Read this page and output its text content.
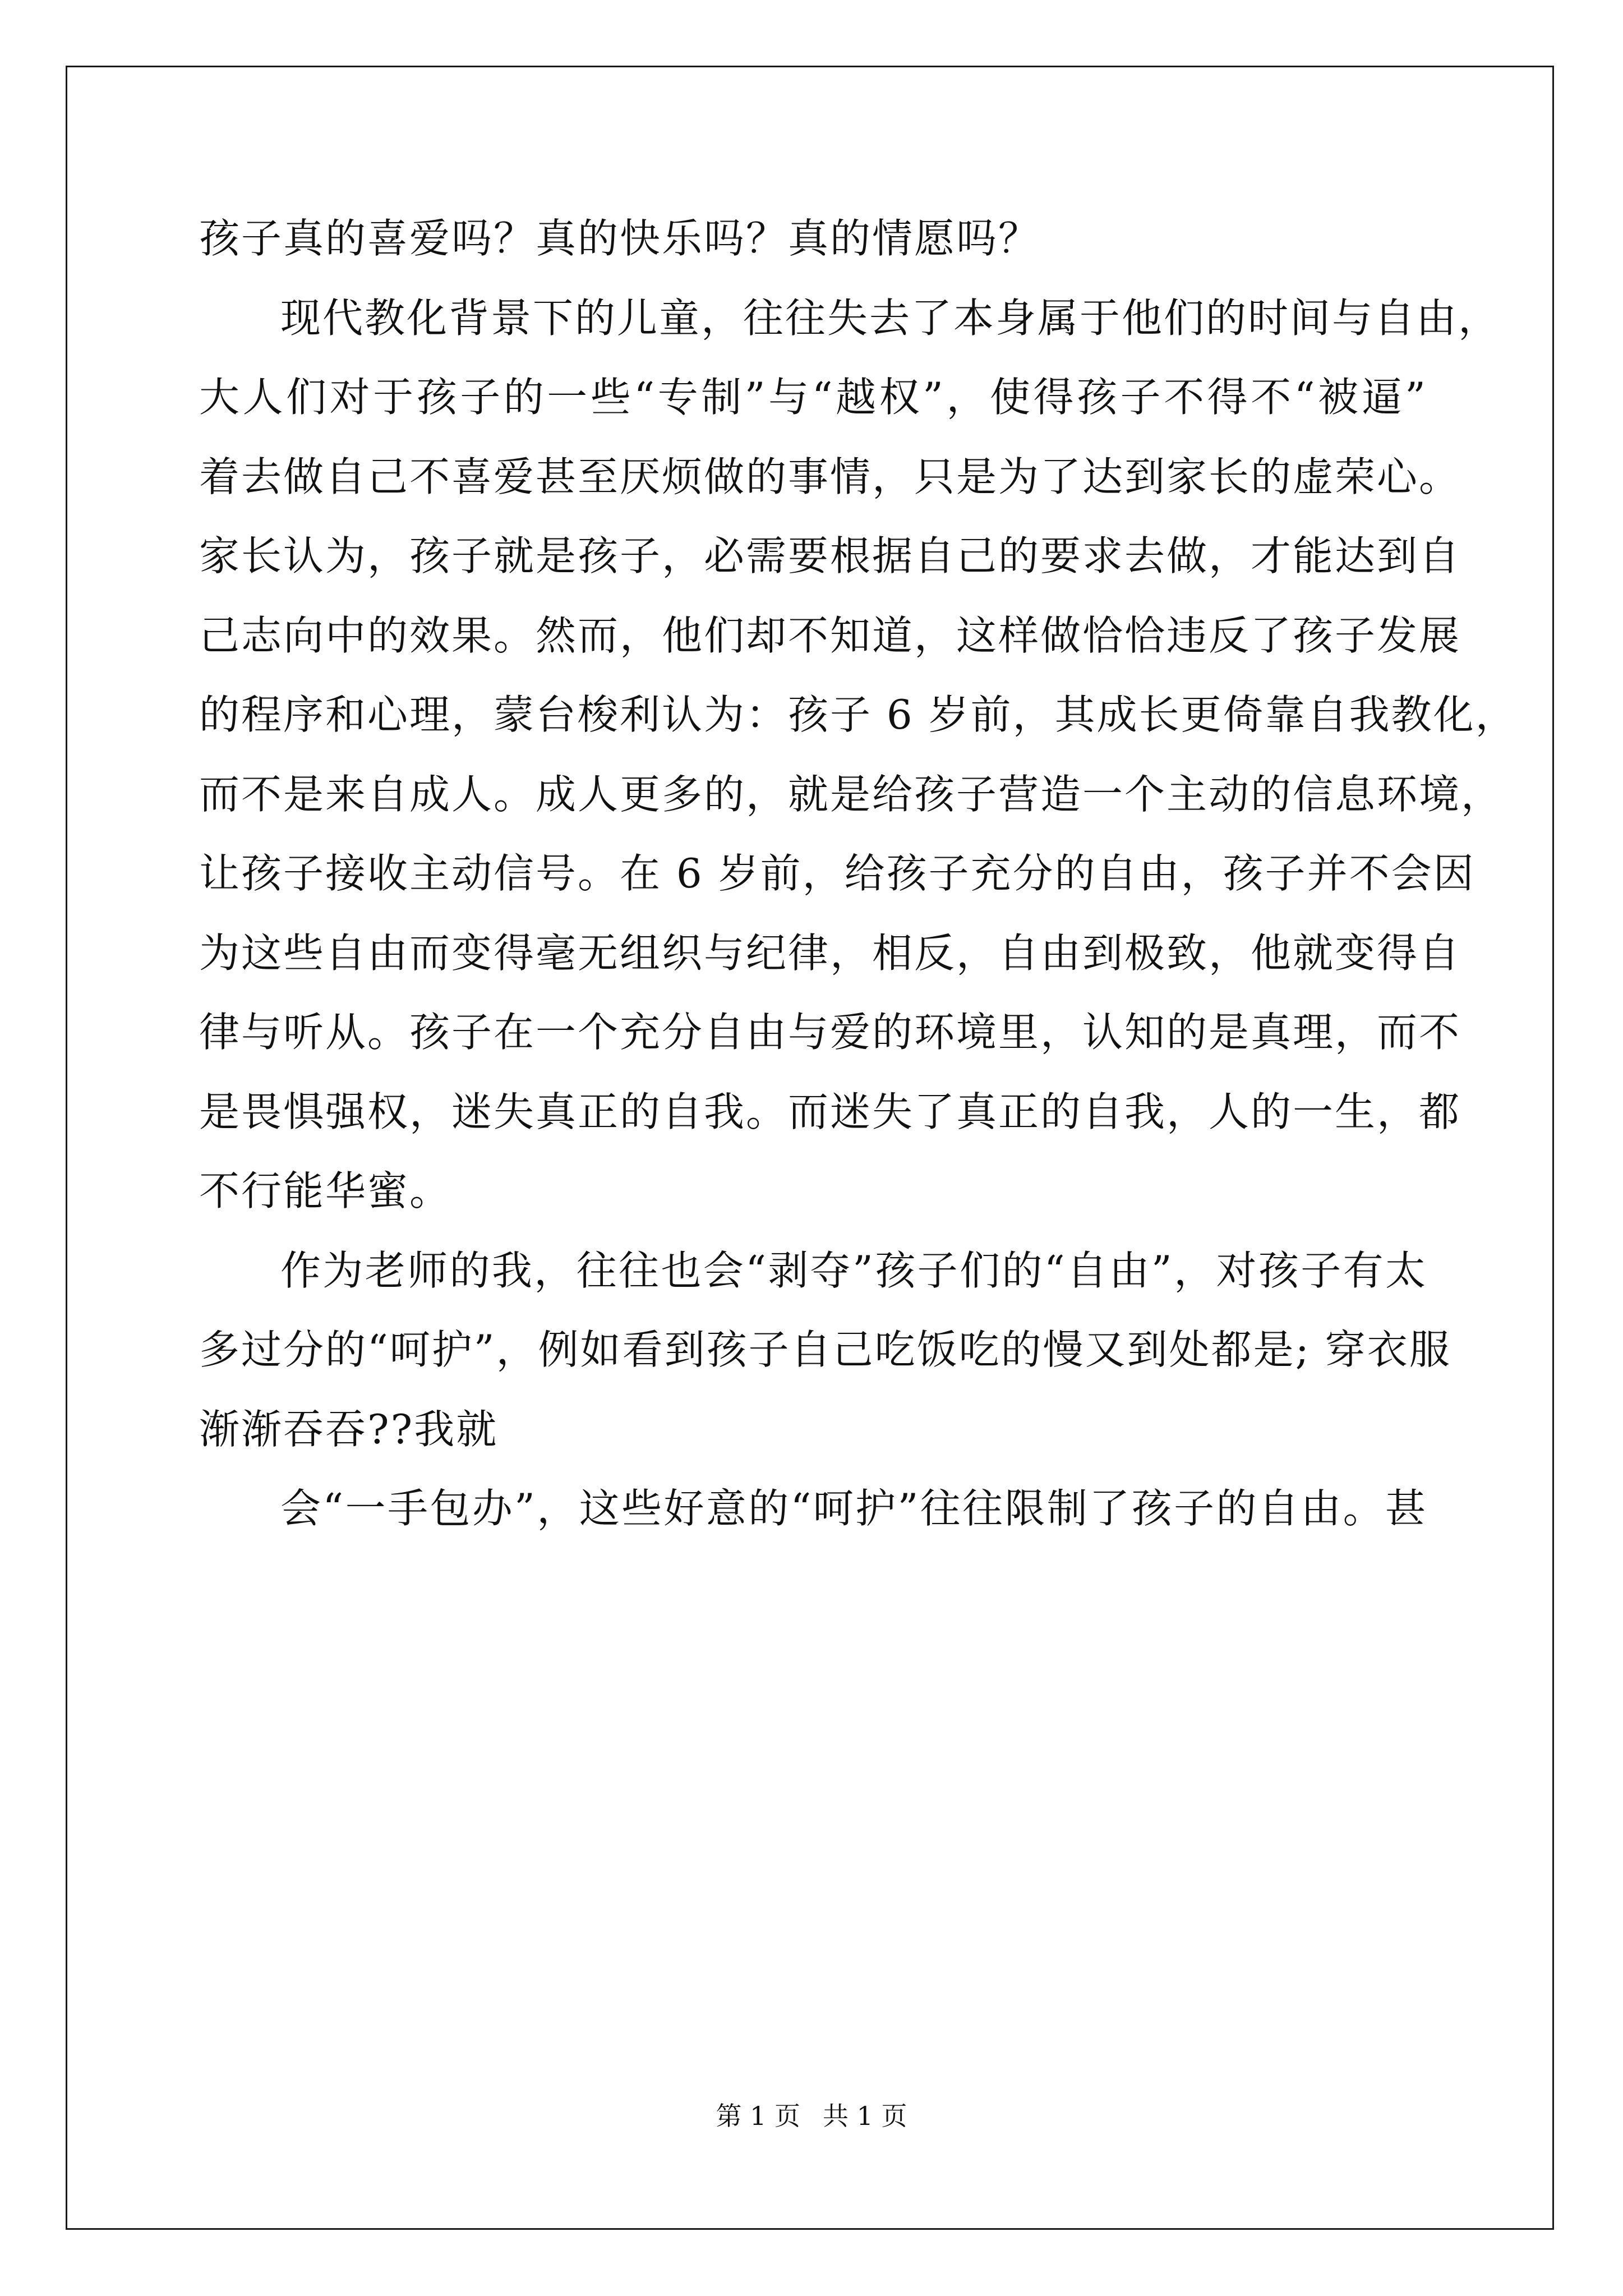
孩子真的喜爱吗？真的快乐吗？真的情愿吗？
现代教化背景下的儿童，往往失去了本身属于他们的时间与自由，
大人们对于孩子的一些“专制”与“越权”，使得孩子不得不“被逼”
着去做自己不喜爱甚至厌烦做的事情，只是为了达到家长的虚荣心。
家长认为，孩子就是孩子，必需要根据自己的要求去做，才能达到自
己志向中的效果。然而，他们却不知道，这样做恰恰违反了孩子发展
的程序和心理，蒙台梭利认为：孩子 6 岁前，其成长更倚靠自我教化，
而不是来自成人。成人更多的，就是给孩子营造一个主动的信息环境，
让孩子接收主动信号。在 6 岁前，给孩子充分的自由，孩子并不会因
为这些自由而变得毫无组织与纪律，相反，自由到极致，他就变得自
律与听从。孩子在一个充分自由与爱的环境里，认知的是真理，而不
是畏惧强权，迷失真正的自我。而迷失了真正的自我，人的一生，都
不行能华蜜。
作为老师的我，往往也会“剥夺”孩子们的“自由”，对孩子有太
多过分的“呵护”，例如看到孩子自己吃饭吃的慢又到处都是; 穿衣服
渐渐吞吞??我就
会“一手包办”，这些好意的“呵护”往往限制了孩子的自由。甚
第 1 页 共 1 页
